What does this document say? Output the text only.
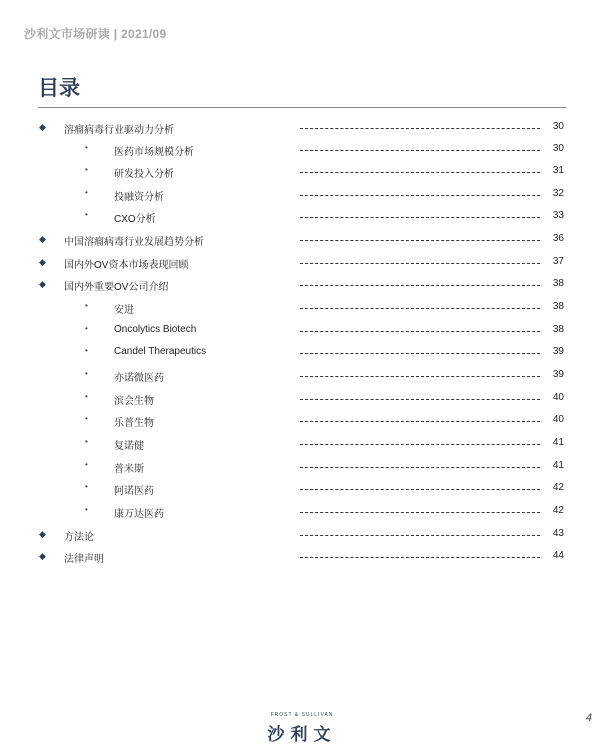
沙利文市场研读 | 2021/09
目录
◆ 溶瘤病毒行业驱动力分析	30
•	医药市场规模分析	30
•	研发投入分析	31
•	投融资分析	32
•	CXO分析	33
◆ 中国溶瘤病毒行业发展趋势分析	36
◆ 国内外OV资本市场表现回顾	37
◆ 国内外重要OV公司介绍	38
•	安进	38
•	Oncolytics Biotech	38
•	Candel Therapeutics	39
•	亦诺微医药	39
•	滨会生物	40
•	乐普生物	40
•	复诺健	41
•	普米斯	41
•	阿诺医药	42
•	康万达医药	42
◆ 方法论	43
◆ 法律声明	44
FROST & SULLIVAN
沙利文
4
